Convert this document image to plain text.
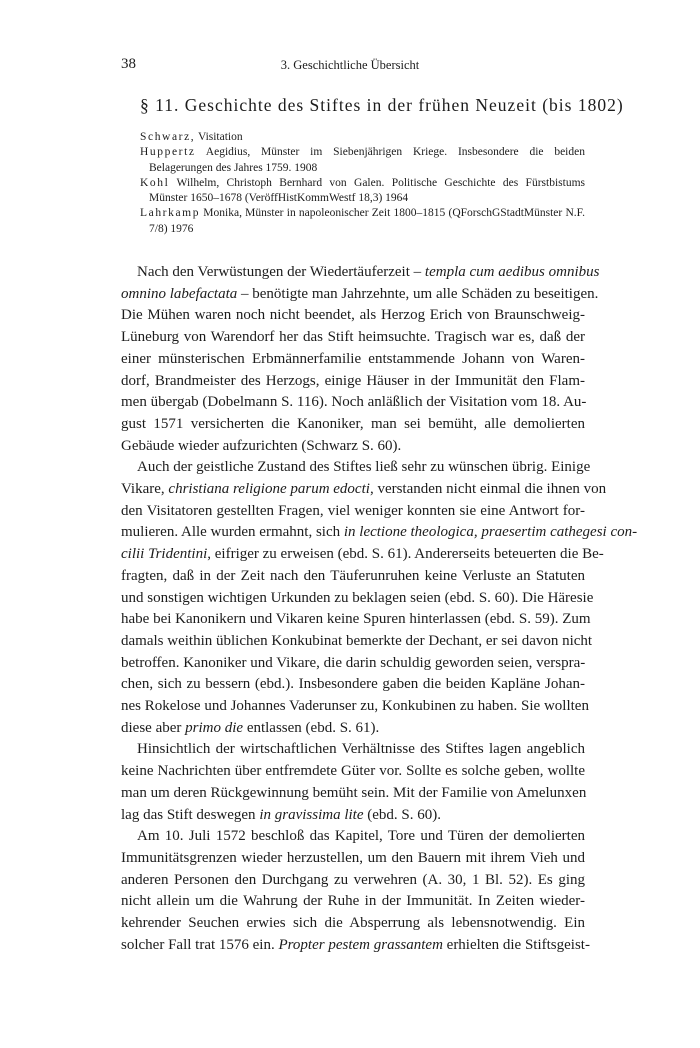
38	3. Geschichtliche Übersicht
§ 11. Geschichte des Stiftes in der frühen Neuzeit (bis 1802)

Schwarz, Visitation

Huppertz Aegidius, Münster im Siebenjährigen Kriege. Insbesondere die beiden Belagerungen des Jahres 1759. 1908

Kohl Wilhelm, Christoph Bernhard von Galen. Politische Geschichte des Fürstbistums Münster 1650–1678 (VeröffHistKommWestf 18,3) 1964

Lahrkamp Monika, Münster in napoleonischer Zeit 1800–1815 (QForschGStadtMünster N.F. 7/8) 1976

Nach den Verwüstungen der Wiedertäuferzeit – templa cum aedibus omnibus
omnino labefactata – benötigte man Jahrzehnte, um alle Schäden zu beseitigen.
Die Mühen waren noch nicht beendet, als Herzog Erich von Braunschweig-
Lüneburg von Warendorf her das Stift heimsuchte. Tragisch war es, daß der
einer münsterischen Erbmännerfamilie entstammende Johann von Waren-
dorf, Brandmeister des Herzogs, einige Häuser in der Immunität den Flam-
men übergab (Dobelmann S. 116). Noch anläßlich der Visitation vom 18. Au-
gust 1571 versicherten die Kanoniker, man sei bemüht, alle demolierten
Gebäude wieder aufzurichten (Schwarz S. 60).
Auch der geistliche Zustand des Stiftes ließ sehr zu wünschen übrig. Einige
Vikare, christiana religione parum edocti, verstanden nicht einmal die ihnen von
den Visitatoren gestellten Fragen, viel weniger konnten sie eine Antwort for-
mulieren. Alle wurden ermahnt, sich in lectione theologica, praesertim cathegesi con-
cilii Tridentini, eifriger zu erweisen (ebd. S. 61). Andererseits beteuerten die Be-
fragten, daß in der Zeit nach den Täuferunruhen keine Verluste an Statuten
und sonstigen wichtigen Urkunden zu beklagen seien (ebd. S. 60). Die Häresie
habe bei Kanonikern und Vikaren keine Spuren hinterlassen (ebd. S. 59). Zum
damals weithin üblichen Konkubinat bemerkte der Dechant, er sei davon nicht
betroffen. Kanoniker und Vikare, die darin schuldig geworden seien, verspra-
chen, sich zu bessern (ebd.). Insbesondere gaben die beiden Kapläne Johan-
nes Rokelose und Johannes Vaderunser zu, Konkubinen zu haben. Sie wollten
diese aber primo die entlassen (ebd. S. 61).
Hinsichtlich der wirtschaftlichen Verhältnisse des Stiftes lagen angeblich
keine Nachrichten über entfremdete Güter vor. Sollte es solche geben, wollte
man um deren Rückgewinnung bemüht sein. Mit der Familie von Amelunxen
lag das Stift deswegen in gravissima lite (ebd. S. 60).
Am 10. Juli 1572 beschloß das Kapitel, Tore und Türen der demolierten
Immunitätsgrenzen wieder herzustellen, um den Bauern mit ihrem Vieh und
anderen Personen den Durchgang zu verwehren (A. 30, 1 Bl. 52). Es ging
nicht allein um die Wahrung der Ruhe in der Immunität. In Zeiten wieder-
kehrender Seuchen erwies sich die Absperrung als lebensnotwendig. Ein
solcher Fall trat 1576 ein. Propter pestem grassantem erhielten die Stiftsgeist-
